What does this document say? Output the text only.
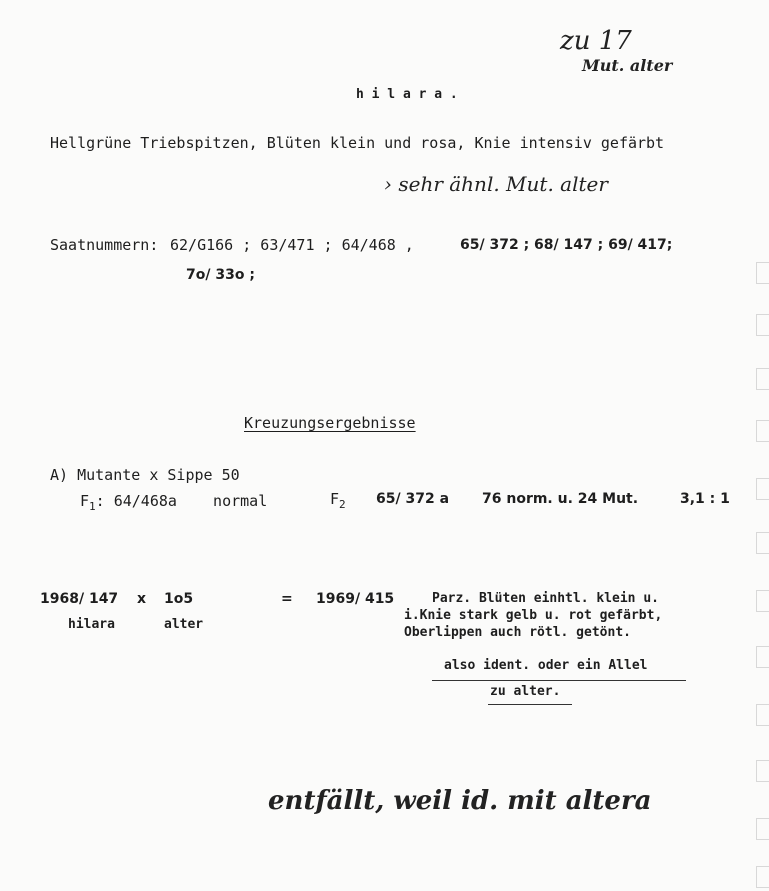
zu 17
Mut. alter
h i l a r a .
Hellgrüne Triebspitzen, Blüten klein und rosa, Knie intensiv gefärbt
› sehr ähnl. Mut. alter
Saatnummern: 62/G166 ; 63/471 ; 64/468 ,	65/ 372 ; 68/ 147 ; 69/ 417;
7o/ 33o ;
Kreuzungsergebnisse
A) Mutante x Sippe 50
$F_1$: 64/468a    normal	$F_2$ 65/ 372 a 76 norm. u. 24 Mut.	3,1 : 1
1968/ 147 x 1o5	= 1969/ 415
hilara	alter
Parz. Blüten einhtl. klein u.
i.Knie stark gelb u. rot gefärbt,
Oberlippen auch rötl. getönt.
also ident. oder ein Allel
zu alter.
entfällt, weil id. mit altera
